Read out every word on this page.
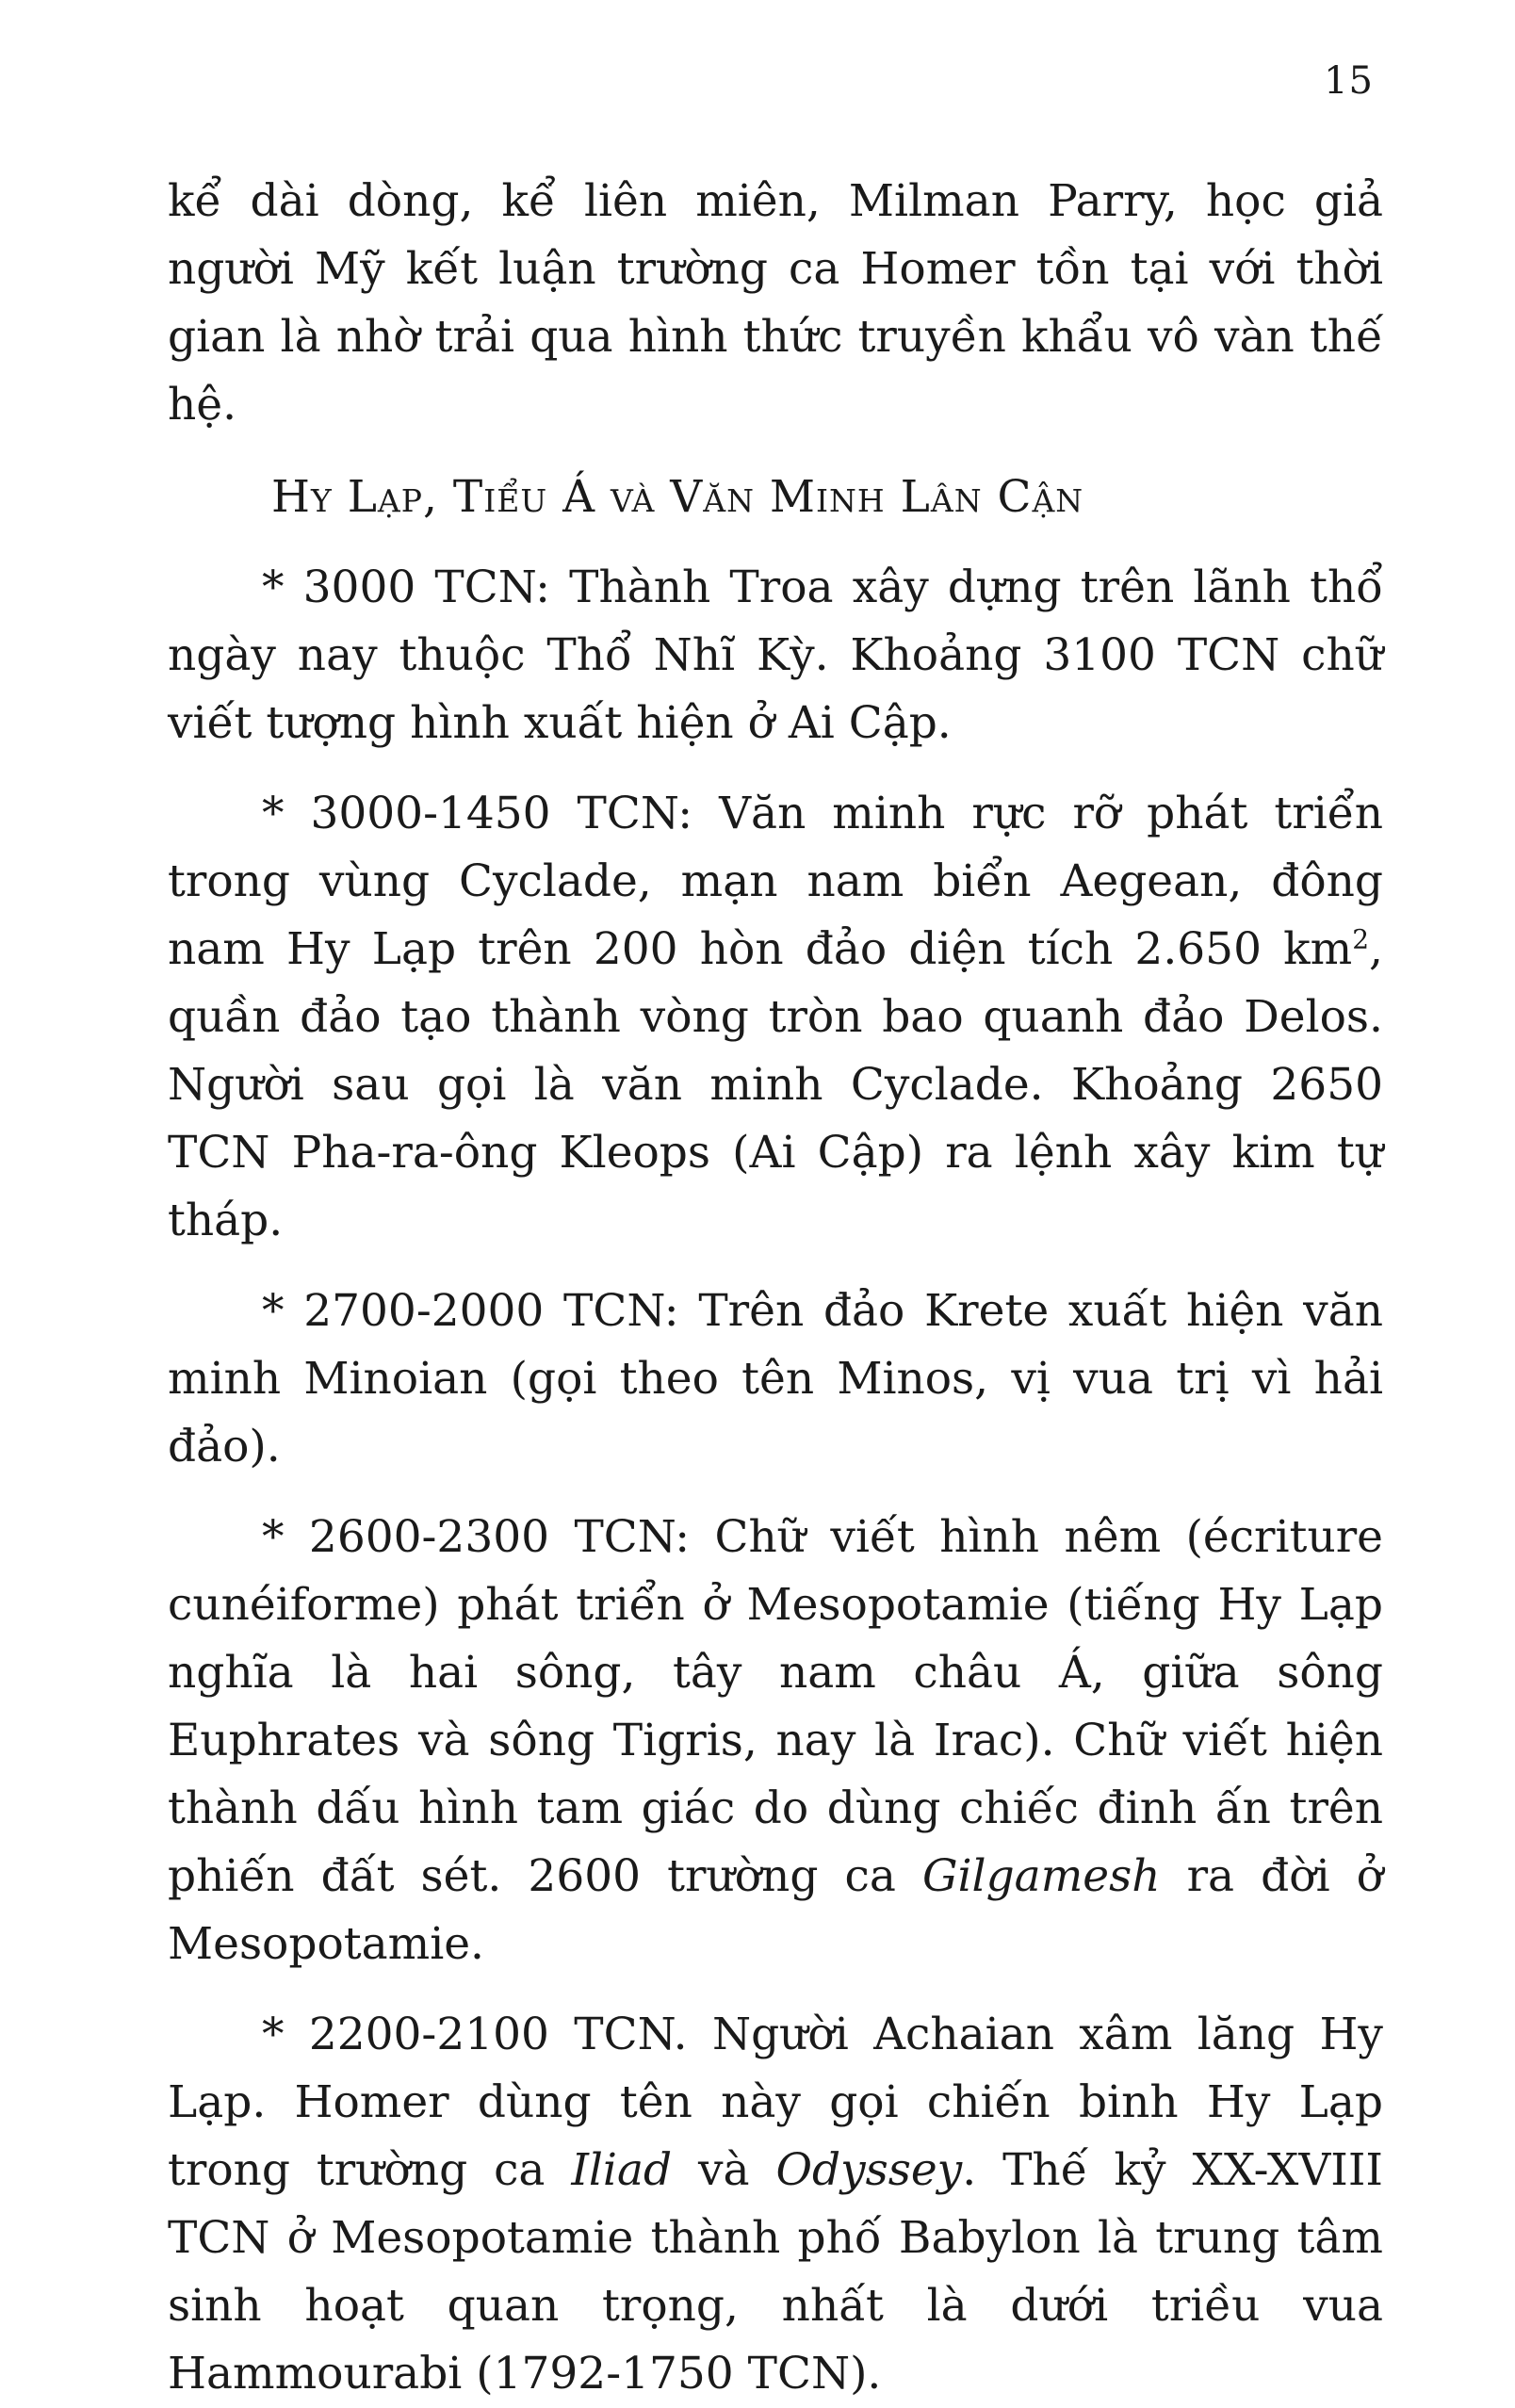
15

kể dài dòng, kể liên miên, Milman Parry, học giả người Mỹ kết luận trường ca Homer tồn tại với thời gian là nhờ trải qua hình thức truyền khẩu vô vàn thế hệ.

Hy Lạp, Tiểu Á và Văn Minh Lân Cận

* 3000 TCN: Thành Troa xây dựng trên lãnh thổ ngày nay thuộc Thổ Nhĩ Kỳ. Khoảng 3100 TCN chữ viết tượng hình xuất hiện ở Ai Cập.

* 3000-1450 TCN: Văn minh rực rỡ phát triển trong vùng Cyclade, mạn nam biển Aegean, đông nam Hy Lạp trên 200 hòn đảo diện tích 2.650 $km^2$, quần đảo tạo thành vòng tròn bao quanh đảo Delos. Người sau gọi là văn minh Cyclade. Khoảng 2650 TCN Pha-ra-ông Kleops (Ai Cập) ra lệnh xây kim tự tháp.

* 2700-2000 TCN: Trên đảo Krete xuất hiện văn minh Minoian (gọi theo tên Minos, vị vua trị vì hải đảo).

* 2600-2300 TCN: Chữ viết hình nêm (écriture cunéiforme) phát triển ở Mesopotamie (tiếng Hy Lạp nghĩa là hai sông, tây nam châu Á, giữa sông Euphrates và sông Tigris, nay là Irac). Chữ viết hiện thành dấu hình tam giác do dùng chiếc đinh ấn trên phiến đất sét. 2600 trường ca Gilgamesh ra đời ở Mesopotamie.

* 2200-2100 TCN. Người Achaian xâm lăng Hy Lạp. Homer dùng tên này gọi chiến binh Hy Lạp trong trường ca Iliad và Odyssey. Thế kỷ XX-XVIII TCN ở Mesopotamie thành phố Babylon là trung tâm sinh hoạt quan trọng, nhất là dưới triều vua Hammourabi (1792-1750 TCN).
